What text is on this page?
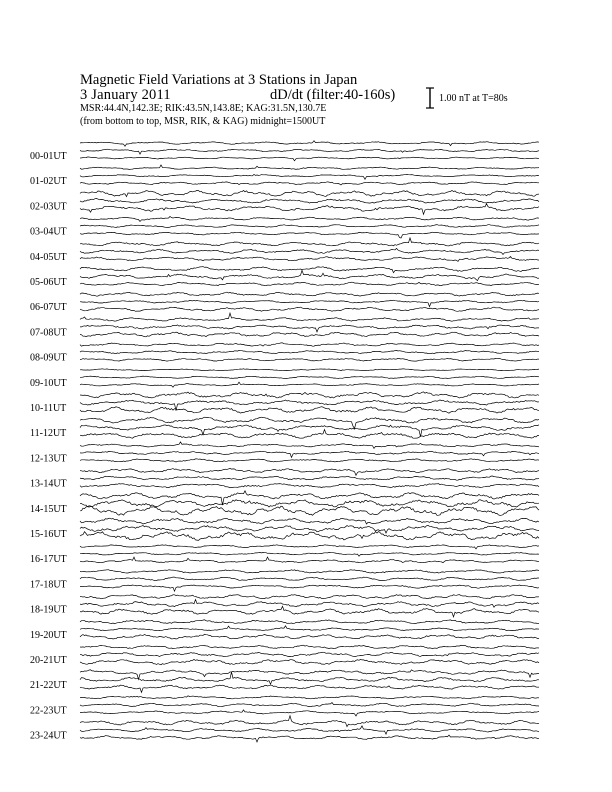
Magnetic Field Variations at 3 Stations in Japan
3 January 2011	dD/dt (filter:40-160s)
MSR:44.4N,142.3E; RIK:43.5N,143.8E; KAG:31.5N,130.7E
(from bottom to top, MSR, RIK, & KAG) midnight=1500UT
00-01UT
01-02UT
02-03UT
03-04UT
04-05UT
05-06UT
06-07UT
07-08UT
08-09UT
09-10UT
10-11UT
11-12UT
12-13UT
13-14UT
14-15UT
15-16UT
16-17UT
17-18UT
18-19UT
19-20UT
20-21UT
21-22UT
22-23UT
23-24UT
1.00 nT at T=80s
